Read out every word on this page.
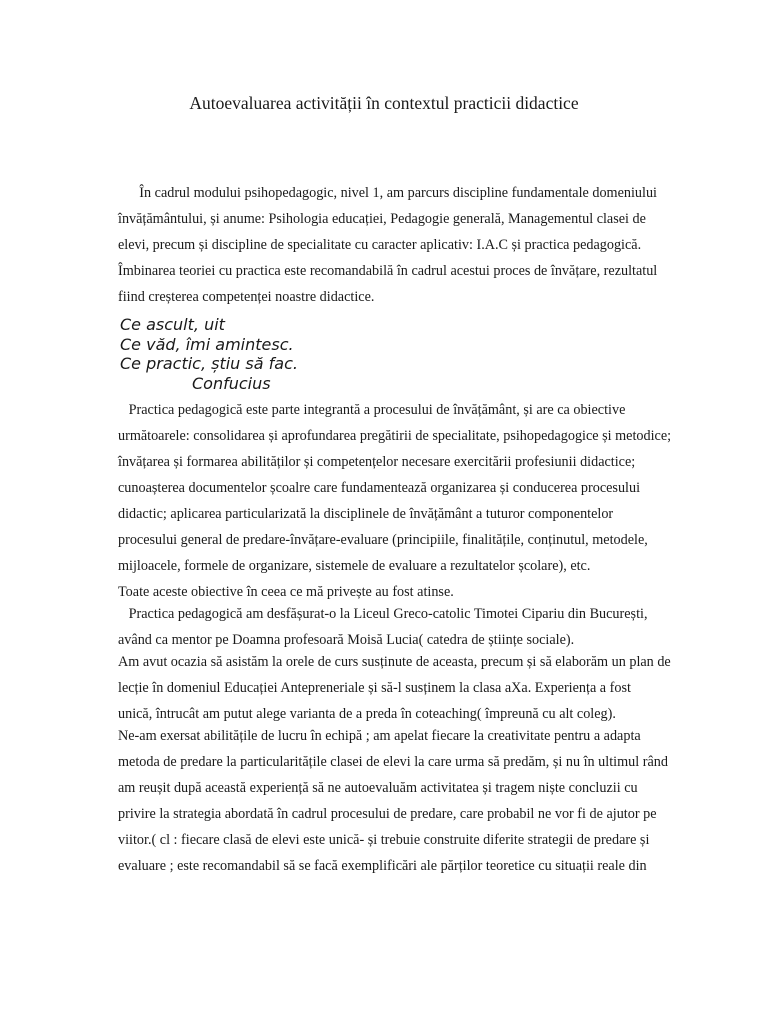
Autoevaluarea activității în contextul practicii didactice

În cadrul modului psihopedagogic, nivel 1, am parcurs discipline fundamentale domeniului
învățământului, și anume: Psihologia educației, Pedagogie generală, Managementul clasei de
elevi, precum și discipline de specialitate cu caracter aplicativ: I.A.C și practica pedagogică.
Îmbinarea teoriei cu practica este recomandabilă în cadrul acestui proces de învățare, rezultatul
fiind creșterea competenței noastre didactice.

Ce ascult, uit
Ce văd, îmi amintesc.
Ce practic, știu să fac.
Confucius

Practica pedagogică este parte integrantă a procesului de învățământ, și are ca obiective
următoarele: consolidarea și aprofundarea pregătirii de specialitate, psihopedagogice și metodice;
învățarea și formarea abilităților și competențelor necesare exercitării profesiunii didactice;
cunoașterea documentelor școalre care fundamentează organizarea și conducerea procesului
didactic; aplicarea particularizată la disciplinele de învățământ a tuturor componentelor
procesului general de predare-învățare-evaluare (principiile, finalitățile, conținutul, metodele,
mijloacele, formele de organizare, sistemele de evaluare a rezultatelor școlare), etc.
Toate aceste obiective în ceea ce mă privește au fost atinse.
Practica pedagogică am desfășurat-o la Liceul Greco-catolic Timotei Cipariu din București,
având ca mentor pe Doamna profesoară Moisă Lucia( catedra de științe sociale).
Am avut ocazia să asistăm la orele de curs susținute de aceasta, precum și să elaborăm un plan de
lecție în domeniul Educației Antepreneriale și să-l susținem la clasa aXa. Experiența a fost
unică, întrucât am putut alege varianta de a preda în coteaching( împreună cu alt coleg).
Ne-am exersat abilitățile de lucru în echipă ; am apelat fiecare la creativitate pentru a adapta
metoda de predare la particularitățile clasei de elevi la care urma să predăm, și nu în ultimul rând
am reușit după această experiență să ne autoevaluăm activitatea și tragem niște concluzii cu
privire la strategia abordată în cadrul procesului de predare, care probabil ne vor fi de ajutor pe
viitor.( cl : fiecare clasă de elevi este unică- și trebuie construite diferite strategii de predare și
evaluare ; este recomandabil să se facă exemplificări ale părților teoretice cu situații reale din
